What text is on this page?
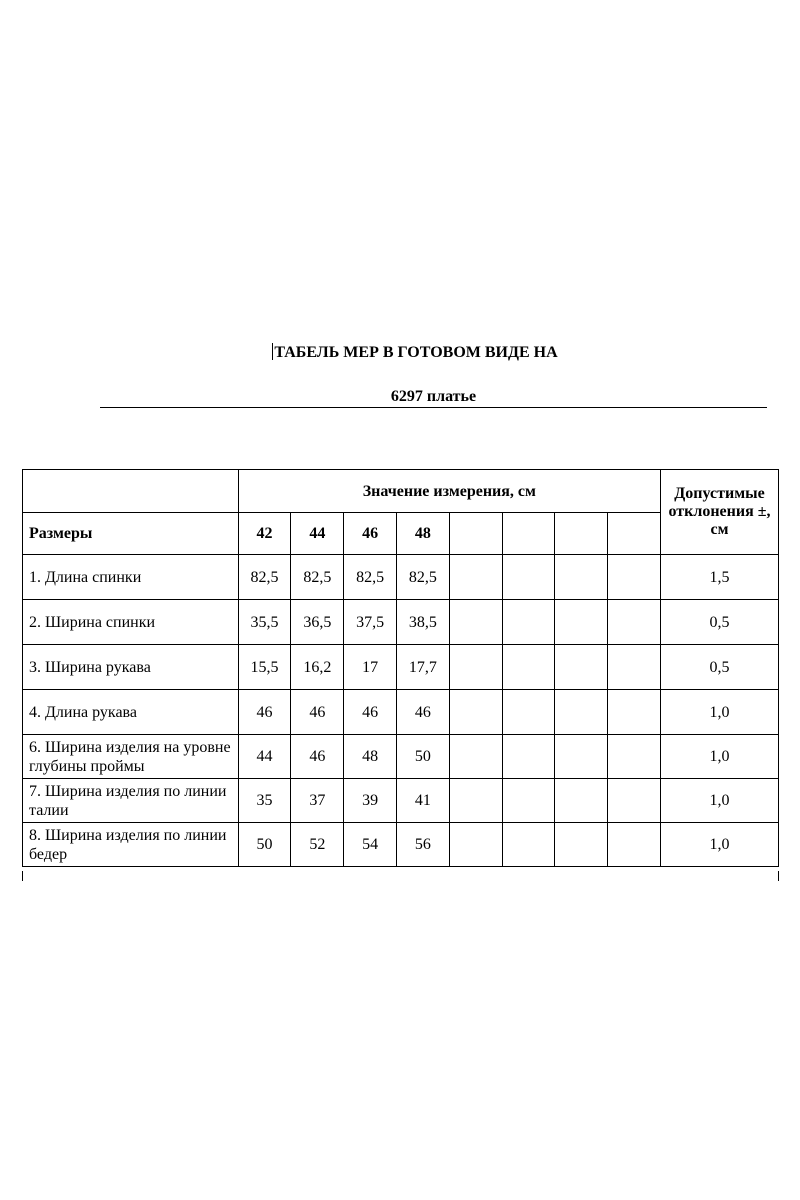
ТАБЕЛЬ МЕР В ГОТОВОМ ВИДЕ НА
6297 платье
	Значение измерения, см								Допустимые отклонения ±, см
Размеры	42	44	46	48					
1. Длина спинки	82,5	82,5	82,5	82,5					1,5
2. Ширина спинки	35,5	36,5	37,5	38,5					0,5
3. Ширина рукава	15,5	16,2	17	17,7					0,5
4. Длина рукава	46	46	46	46					1,0
6. Ширина изделия на уровне глубины проймы	44	46	48	50					1,0
7. Ширина изделия по линии талии	35	37	39	41					1,0
8. Ширина изделия по линии бедер	50	52	54	56					1,0
